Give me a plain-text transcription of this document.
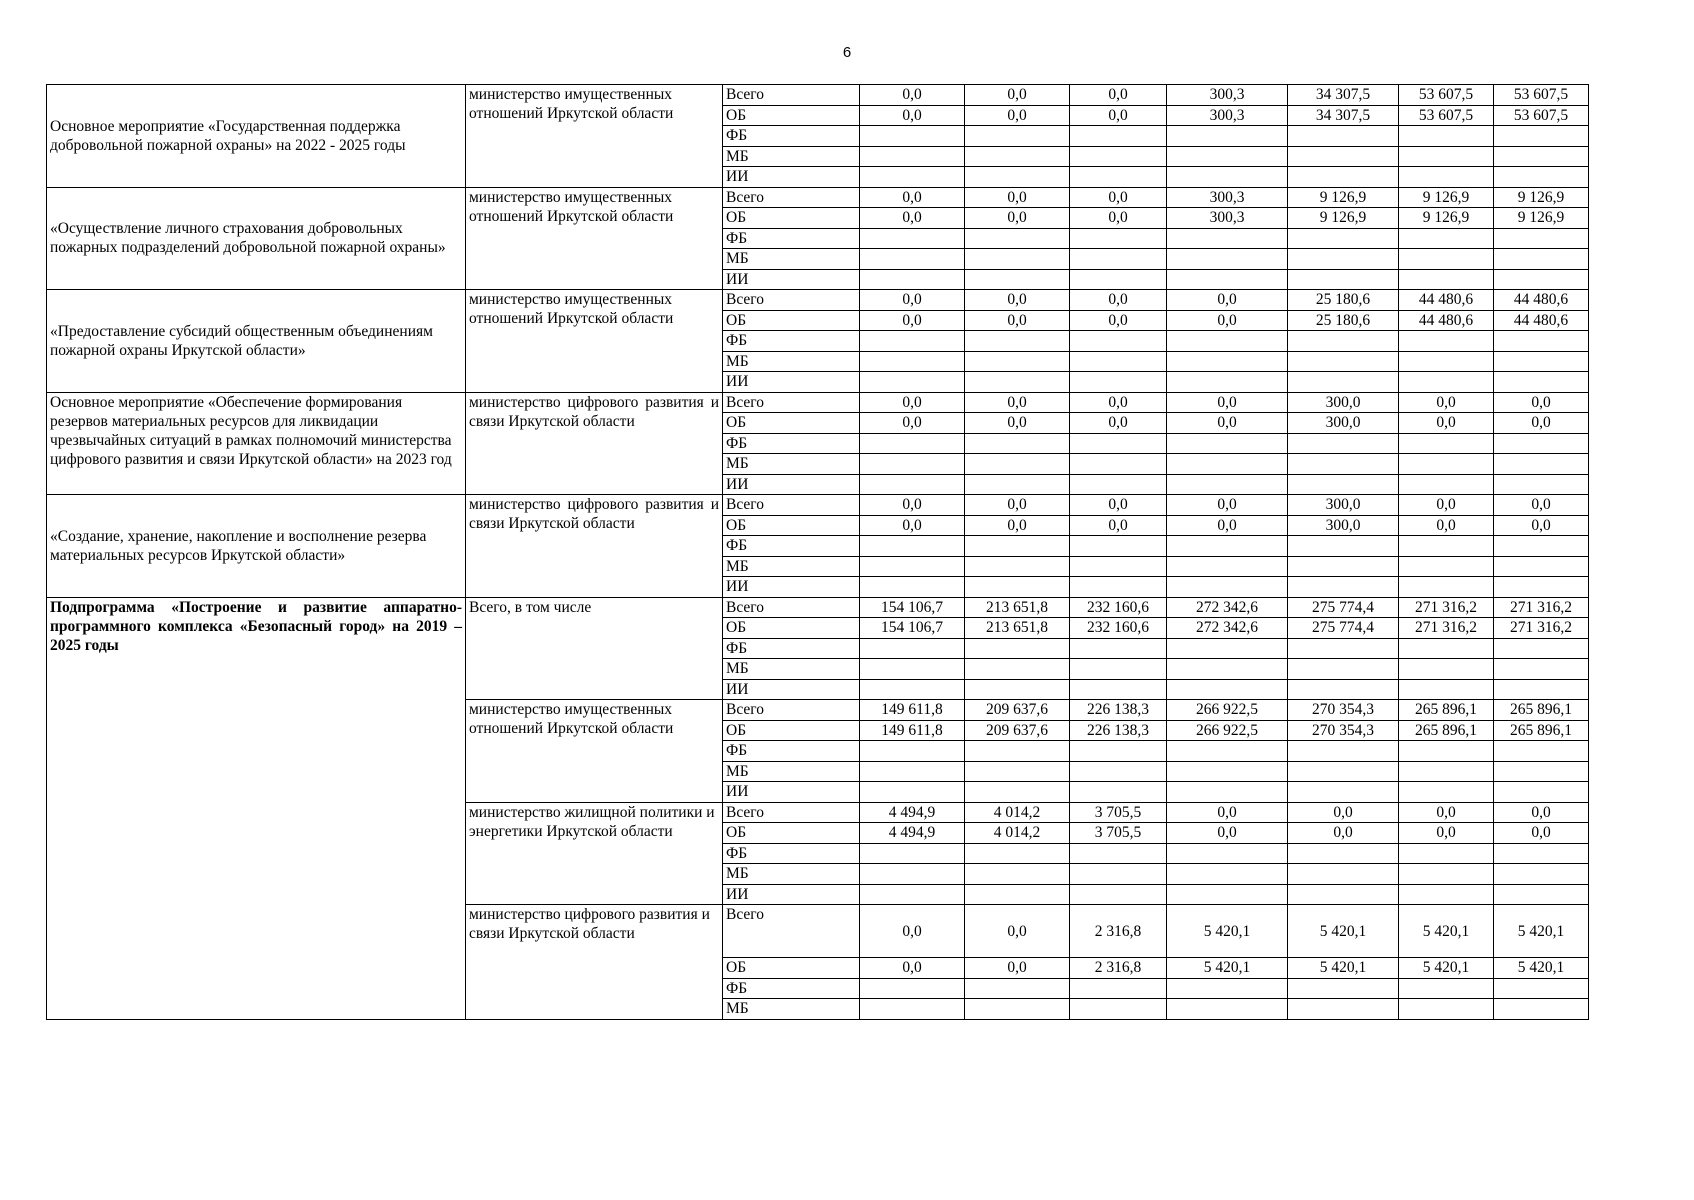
6
Основное мероприятие «Государственная поддержка добровольной пожарной охраны» на 2022 - 2025 годы	министерство имущественных отношений Иркутской области	Всего	0,0	0,0	0,0	300,3	34 307,5	53 607,5	53 607,5
		ОБ	0,0	0,0	0,0	300,3	34 307,5	53 607,5	53 607,5
		ФБ							
		МБ							
		ИИ							
«Осуществление личного страхования добровольных пожарных подразделений добровольной пожарной охраны»	министерство имущественных отношений Иркутской области	Всего	0,0	0,0	0,0	300,3	9 126,9	9 126,9	9 126,9
		ОБ	0,0	0,0	0,0	300,3	9 126,9	9 126,9	9 126,9
		ФБ							
		МБ							
		ИИ							
«Предоставление субсидий общественным объединениям пожарной охраны Иркутской области»	министерство имущественных отношений Иркутской области	Всего	0,0	0,0	0,0	0,0	25 180,6	44 480,6	44 480,6
		ОБ	0,0	0,0	0,0	0,0	25 180,6	44 480,6	44 480,6
		ФБ							
		МБ							
		ИИ							
Основное мероприятие «Обеспечение формирования резервов материальных ресурсов для ликвидации чрезвычайных ситуаций в рамках полномочий министерства цифрового развития и связи Иркутской области» на 2023 год	министерство цифрового развития и связи Иркутской области	Всего	0,0	0,0	0,0	0,0	300,0	0,0	0,0
		ОБ	0,0	0,0	0,0	0,0	300,0	0,0	0,0
		ФБ							
		МБ							
		ИИ							
«Создание, хранение, накопление и восполнение резерва материальных ресурсов Иркутской области»	министерство цифрового развития и связи Иркутской области	Всего	0,0	0,0	0,0	0,0	300,0	0,0	0,0
		ОБ	0,0	0,0	0,0	0,0	300,0	0,0	0,0
		ФБ							
		МБ							
		ИИ							
Подпрограмма «Построение и развитие аппаратно-программного комплекса «Безопасный город» на 2019 – 2025 годы	Всего, в том числе	Всего	154 106,7	213 651,8	232 160,6	272 342,6	275 774,4	271 316,2	271 316,2
		ОБ	154 106,7	213 651,8	232 160,6	272 342,6	275 774,4	271 316,2	271 316,2
		ФБ							
		МБ							
		ИИ							
	министерство имущественных отношений Иркутской области	Всего	149 611,8	209 637,6	226 138,3	266 922,5	270 354,3	265 896,1	265 896,1
		ОБ	149 611,8	209 637,6	226 138,3	266 922,5	270 354,3	265 896,1	265 896,1
		ФБ							
		МБ							
		ИИ							
	министерство жилищной политики и энергетики Иркутской области	Всего	4 494,9	4 014,2	3 705,5	0,0	0,0	0,0	0,0
		ОБ	4 494,9	4 014,2	3 705,5	0,0	0,0	0,0	0,0
		ФБ							
		МБ							
		ИИ							
	министерство цифрового развития и связи Иркутской области	Всего	0,0	0,0	2 316,8	5 420,1	5 420,1	5 420,1	5 420,1
		ОБ	0,0	0,0	2 316,8	5 420,1	5 420,1	5 420,1	5 420,1
		ФБ							
		МБ							
